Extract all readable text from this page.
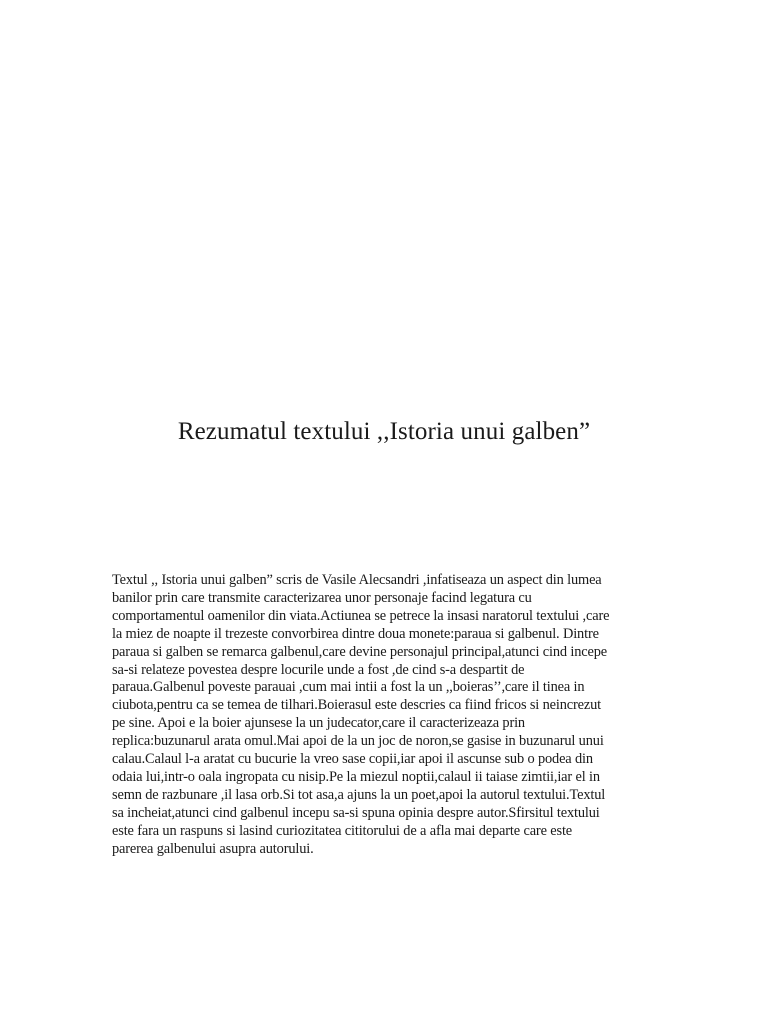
Rezumatul textului ,,Istoria unui galben”
Textul ,, Istoria unui galben” scris de Vasile Alecsandri ,infatiseaza un aspect din lumea
banilor prin care transmite caracterizarea unor personaje facind legatura cu
comportamentul oamenilor din viata.Actiunea se petrece la insasi naratorul textului ,care
la miez de noapte il trezeste convorbirea dintre doua monete:paraua si galbenul. Dintre
paraua si galben se remarca galbenul,care devine personajul principal,atunci cind incepe
sa-si relateze povestea despre locurile unde a fost ,de cind s-a despartit de
paraua.Galbenul poveste parauai ,cum mai intii a fost la un ,,boieras’’,care il tinea in
ciubota,pentru ca se temea de tilhari.Boierasul este descries ca fiind fricos si neincrezut
pe sine. Apoi e la boier ajunsese la un judecator,care il caracterizeaza prin
replica:buzunarul arata omul.Mai apoi de la un joc de noron,se gasise in buzunarul unui
calau.Calaul l-a aratat cu bucurie la vreo sase copii,iar apoi il ascunse sub o podea din
odaia lui,intr-o oala ingropata cu nisip.Pe la miezul noptii,calaul ii taiase zimtii,iar el in
semn de razbunare ,il lasa orb.Si tot asa,a ajuns la un poet,apoi la autorul textului.Textul
sa incheiat,atunci cind galbenul incepu sa-si spuna opinia despre autor.Sfirsitul textului
este fara un raspuns si lasind curiozitatea cititorului de a afla mai departe care este
parerea galbenului asupra autorului.
